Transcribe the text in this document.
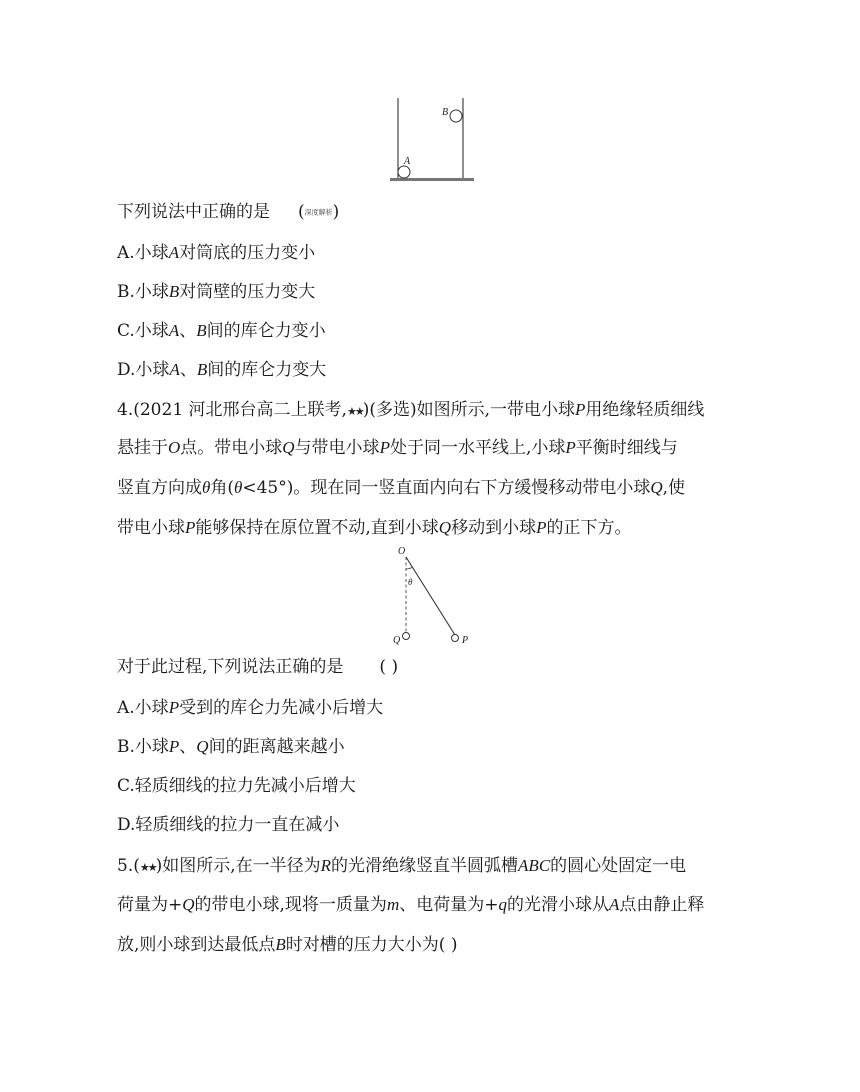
A
B
下列说法中正确的是 (深度解析)
A.小球A对筒底的压力变小
B.小球B对筒壁的压力变大
C.小球A、B间的库仑力变小
D.小球A、B间的库仑力变大
4.(2021 河北邢台高二上联考,★★)(多选)如图所示,一带电小球P用绝缘轻质细线
悬挂于O点。带电小球Q与带电小球P处于同一水平线上,小球P平衡时细线与
竖直方向成θ角(θ<45°)。现在同一竖直面内向右下方缓慢移动带电小球Q,使
带电小球P能够保持在原位置不动,直到小球Q移动到小球P的正下方。
O
θ
Q	P
对于此过程,下列说法正确的是 ( )
A.小球P受到的库仑力先减小后增大
B.小球P、Q间的距离越来越小
C.轻质细线的拉力先减小后增大
D.轻质细线的拉力一直在减小
5.(★★)如图所示,在一半径为R的光滑绝缘竖直半圆弧槽ABC的圆心处固定一电
荷量为+Q的带电小球,现将一质量为m、电荷量为+q的光滑小球从A点由静止释
放,则小球到达最低点B时对槽的压力大小为( )
